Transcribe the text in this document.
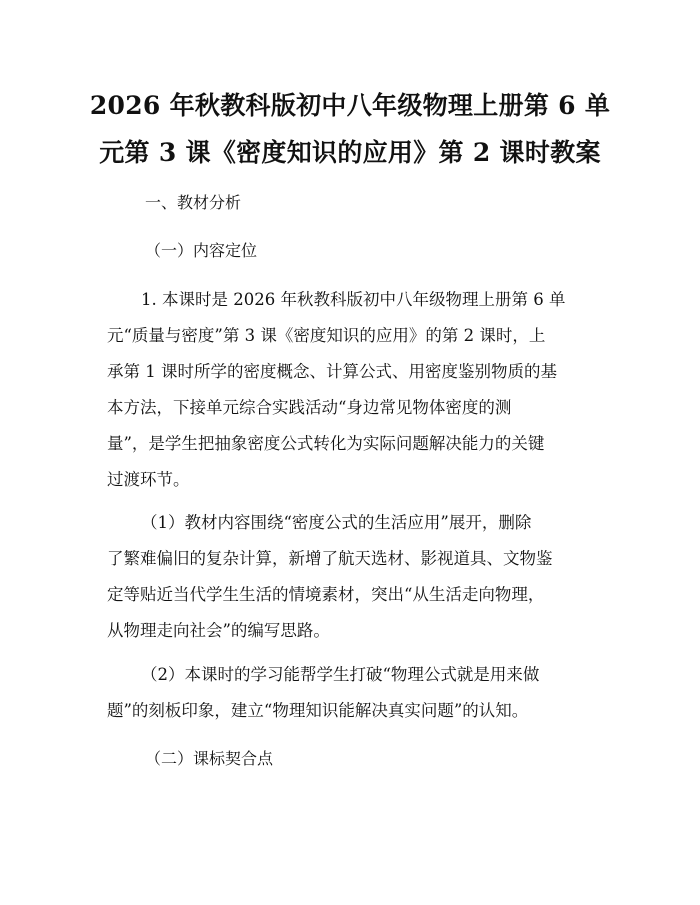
2026 年秋教科版初中八年级物理上册第 6 单
元第 3 课《密度知识的应用》第 2 课时教案

一、教材分析

（一）内容定位

1. 本课时是 2026 年秋教科版初中八年级物理上册第 6 单
元“质量与密度”第 3 课《密度知识的应用》的第 2 课时，上
承第 1 课时所学的密度概念、计算公式、用密度鉴别物质的基
本方法，下接单元综合实践活动“身边常见物体密度的测
量”，是学生把抽象密度公式转化为实际问题解决能力的关键
过渡环节。
（1）教材内容围绕“密度公式的生活应用”展开，删除
了繁难偏旧的复杂计算，新增了航天选材、影视道具、文物鉴
定等贴近当代学生生活的情境素材，突出“从生活走向物理，
从物理走向社会”的编写思路。
（2）本课时的学习能帮学生打破“物理公式就是用来做
题”的刻板印象，建立“物理知识能解决真实问题”的认知。

（二）课标契合点
